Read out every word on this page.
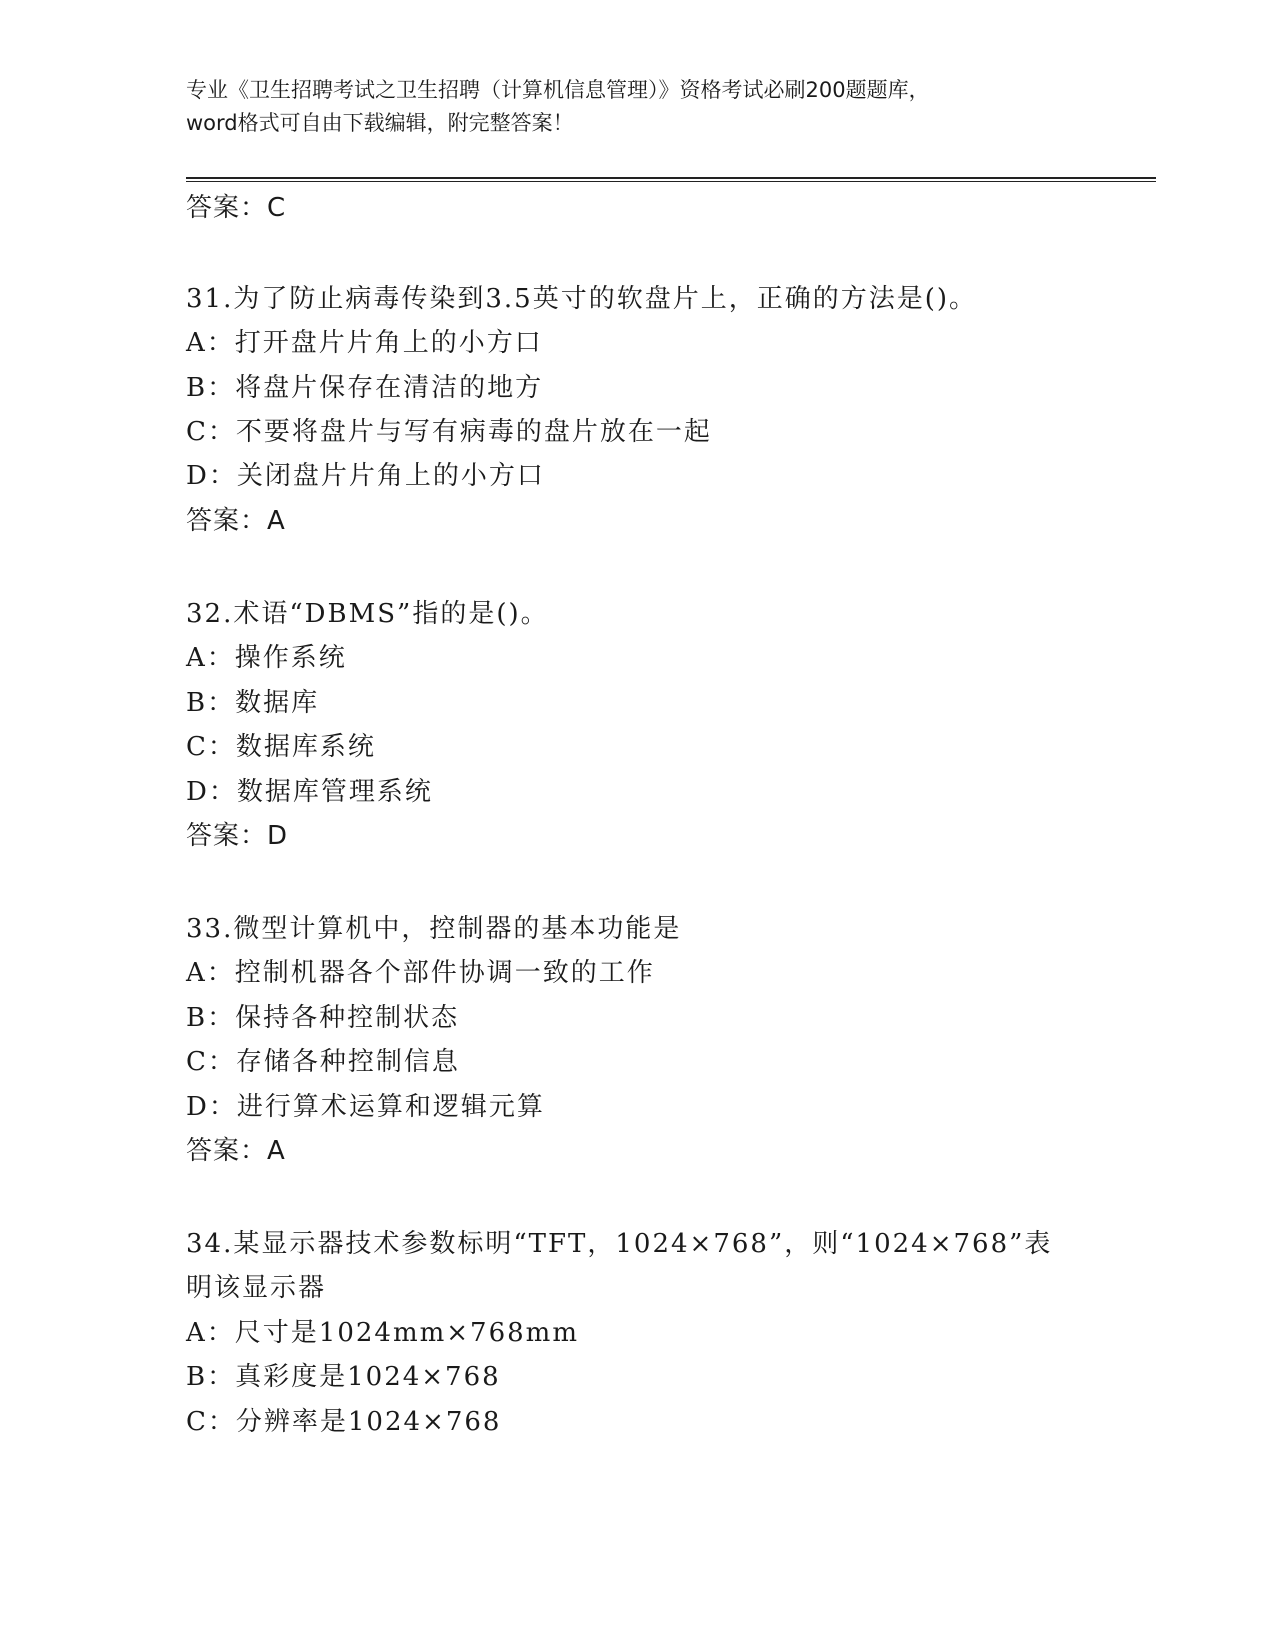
专业《卫生招聘考试之卫生招聘（计算机信息管理）》资格考试必刷200题题库，
word格式可自由下载编辑，附完整答案！
答案：C
31.为了防止病毒传染到3.5英寸的软盘片上，正确的方法是()。
A：打开盘片片角上的小方口
B：将盘片保存在清洁的地方
C：不要将盘片与写有病毒的盘片放在一起
D：关闭盘片片角上的小方口
答案：A
32.术语“DBMS”指的是()。
A：操作系统
B：数据库
C：数据库系统
D：数据库管理系统
答案：D
33.微型计算机中，控制器的基本功能是
A：控制机器各个部件协调一致的工作
B：保持各种控制状态
C：存储各种控制信息
D：进行算术运算和逻辑元算
答案：A
34.某显示器技术参数标明“TFT，1024×768”，则“1024×768”表
明该显示器
A：尺寸是1024mm×768mm
B：真彩度是1024×768
C：分辨率是1024×768
